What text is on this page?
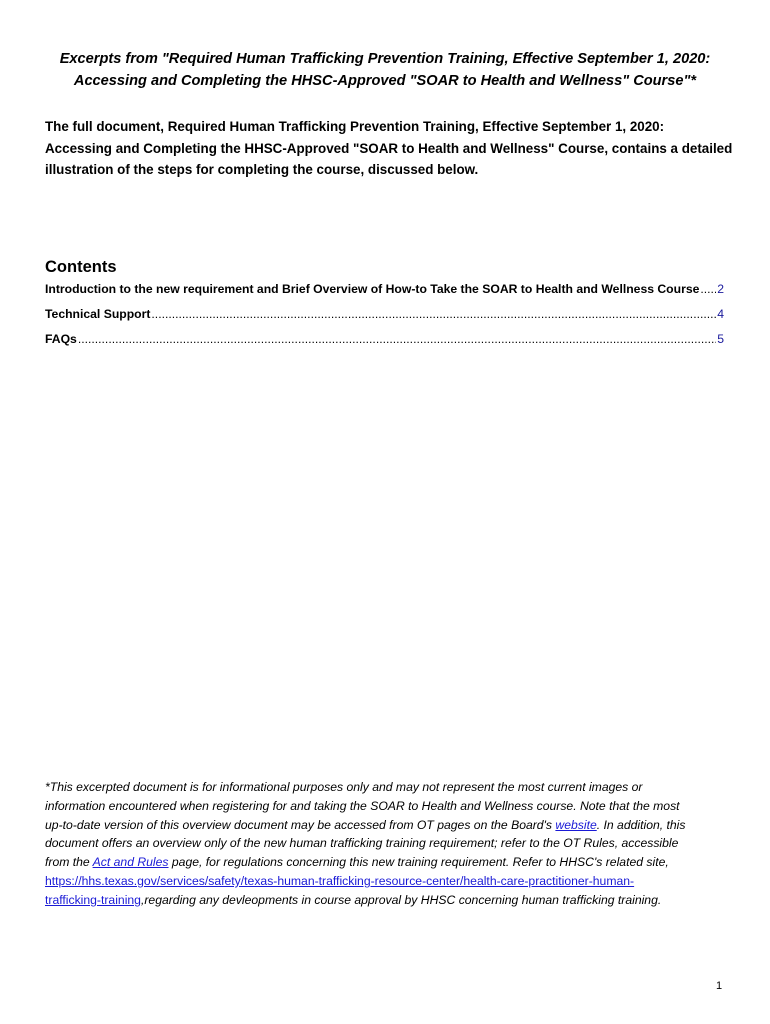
Excerpts from "Required Human Trafficking Prevention Training, Effective September 1, 2020:
Accessing and Completing the HHSC-Approved "SOAR to Health and Wellness" Course"*
The full document, Required Human Trafficking Prevention Training, Effective September 1, 2020:
Accessing and Completing the HHSC-Approved "SOAR to Health and Wellness" Course, contains a detailed
illustration of the steps for completing the course, discussed below.
Contents
Introduction to the new requirement and Brief Overview of How-to Take the SOAR to Health and Wellness Course ..... 2
Technical Support .....	4
FAQs .....	5
*This excerpted document is for informational purposes only and may not represent the most current images or
information encountered when registering for and taking the SOAR to Health and Wellness course. Note that the most
up-to-date version of this overview document may be accessed from OT pages on the Board's website. In addition, this
document offers an overview only of the new human trafficking training requirement; refer to the OT Rules, accessible
from the Act and Rules page, for regulations concerning this new training requirement. Refer to HHSC's related site,
https://hhs.texas.gov/services/safety/texas-human-trafficking-resource-center/health-care-practitioner-human-
trafficking-training,regarding any devleopments in course approval by HHSC concerning human trafficking training.
1
